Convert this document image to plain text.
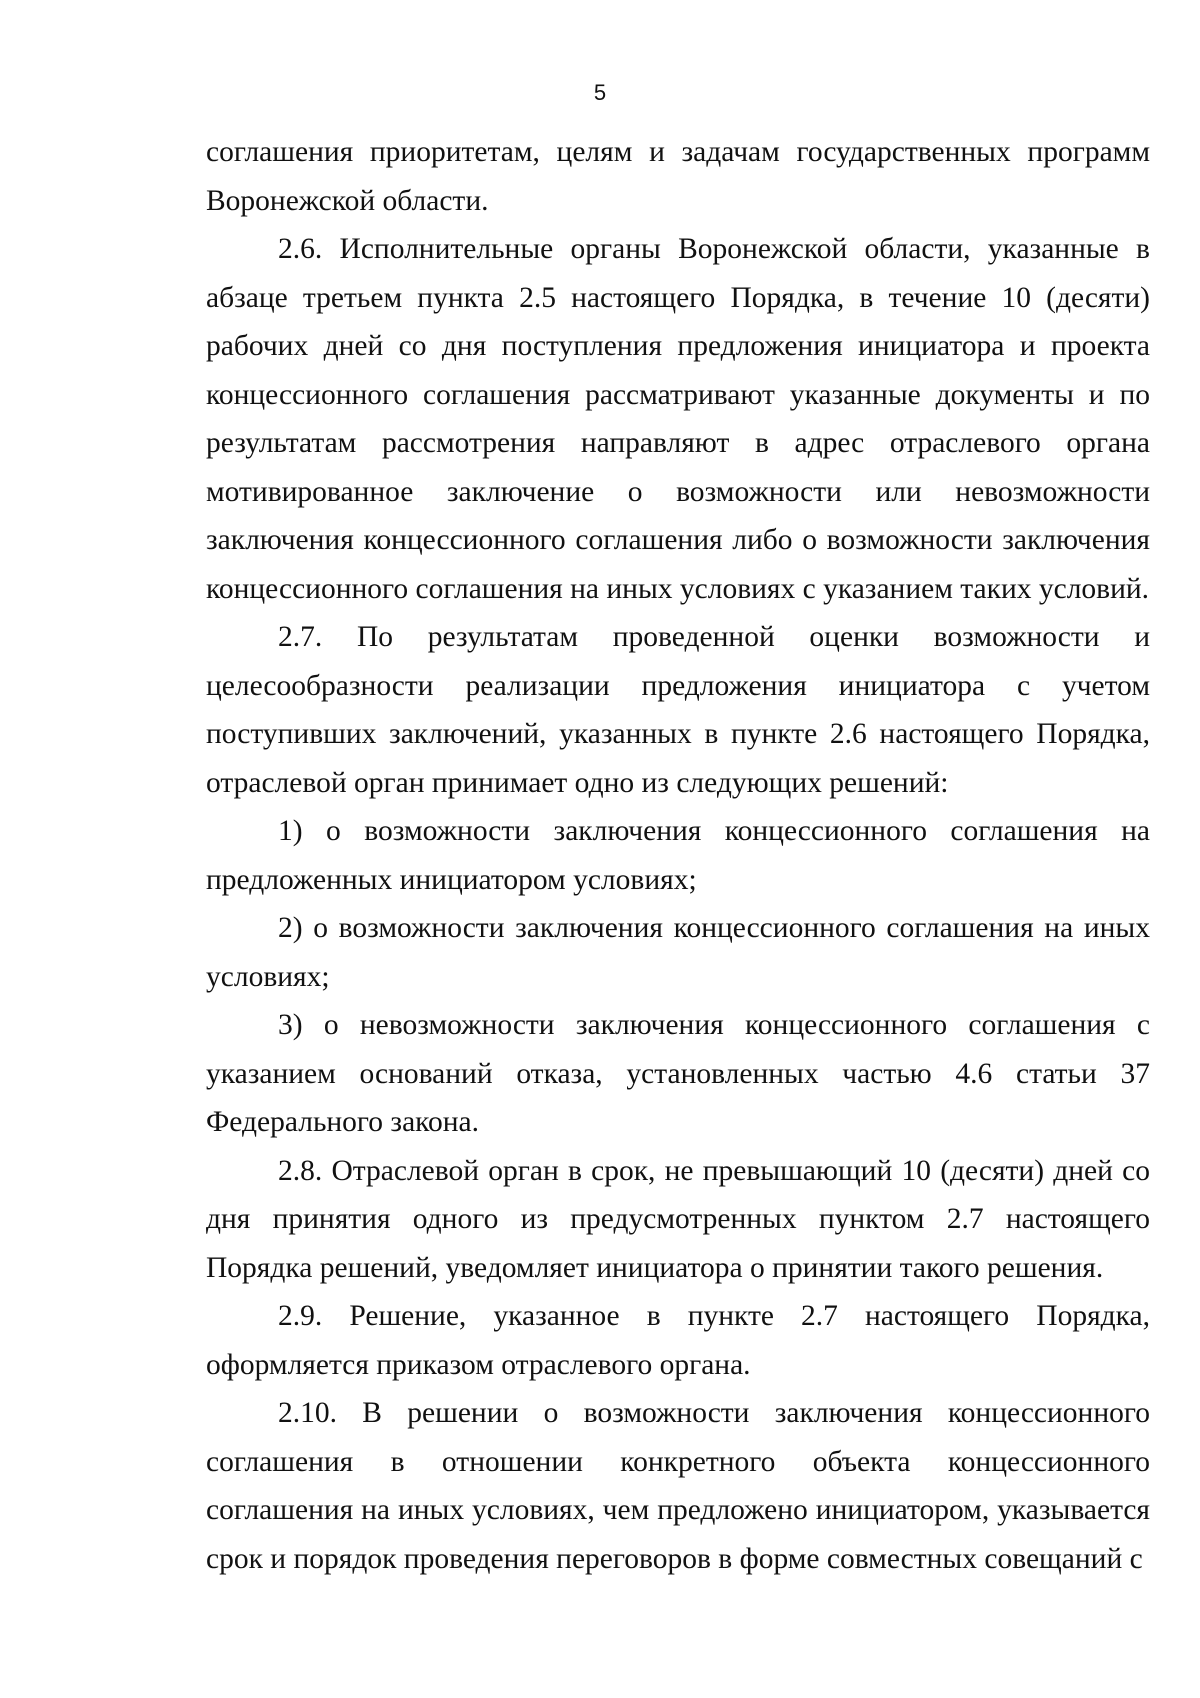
5

соглашения приоритетам, целям и задачам государственных программ Воронежской области.

2.6. Исполнительные органы Воронежской области, указанные в абзаце третьем пункта 2.5 настоящего Порядка, в течение 10 (десяти) рабочих дней со дня поступления предложения инициатора и проекта концессионного соглашения рассматривают указанные документы и по результатам рассмотрения направляют в адрес отраслевого органа мотивированное заключение о возможности или невозможности заключения концессионного соглашения либо о возможности заключения концессионного соглашения на иных условиях с указанием таких условий.

2.7. По результатам проведенной оценки возможности и целесообразности реализации предложения инициатора с учетом поступивших заключений, указанных в пункте 2.6 настоящего Порядка, отраслевой орган принимает одно из следующих решений:

1) о возможности заключения концессионного соглашения на предложенных инициатором условиях;

2) о возможности заключения концессионного соглашения на иных условиях;

3) о невозможности заключения концессионного соглашения с указанием оснований отказа, установленных частью 4.6 статьи 37 Федерального закона.

2.8. Отраслевой орган в срок, не превышающий 10 (десяти) дней со дня принятия одного из предусмотренных пунктом 2.7 настоящего Порядка решений, уведомляет инициатора о принятии такого решения.

2.9. Решение, указанное в пункте 2.7 настоящего Порядка, оформляется приказом отраслевого органа.

2.10. В решении о возможности заключения концессионного соглашения в отношении конкретного объекта концессионного соглашения на иных условиях, чем предложено инициатором, указывается срок и порядок проведения переговоров в форме совместных совещаний с
